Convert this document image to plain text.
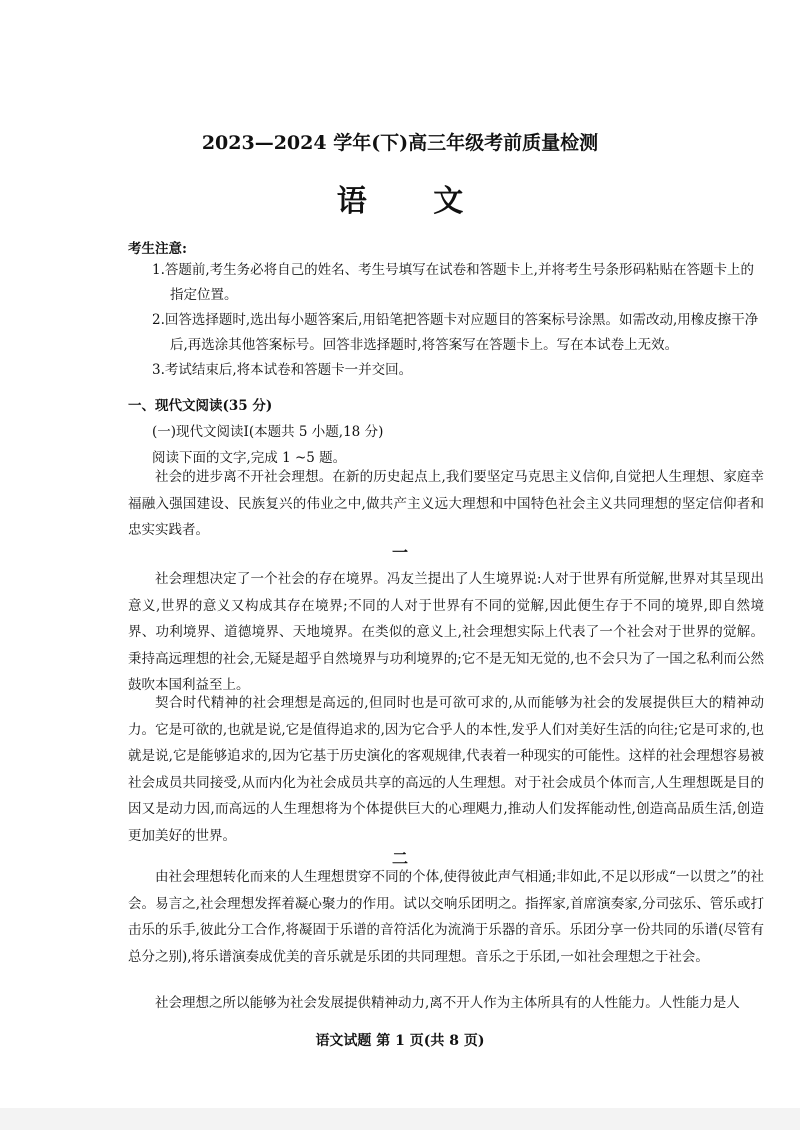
2023—2024 学年(下)高三年级考前质量检测
语 文
考生注意:
1.答题前,考生务必将自己的姓名、考生号填写在试卷和答题卡上,并将考生号条形码粘贴在答题卡上的指定位置。
2.回答选择题时,选出每小题答案后,用铅笔把答题卡对应题目的答案标号涂黑。如需改动,用橡皮擦干净后,再选涂其他答案标号。回答非选择题时,将答案写在答题卡上。写在本试卷上无效。
3.考试结束后,将本试卷和答题卡一并交回。
一、现代文阅读(35 分)
(一)现代文阅读Ⅰ(本题共 5 小题,18 分)
阅读下面的文字,完成 1 ~5 题。

社会的进步离不开社会理想。在新的历史起点上,我们要坚定马克思主义信仰,自觉把人生理想、家庭幸福融入强国建设、民族复兴的伟业之中,做共产主义远大理想和中国特色社会主义共同理想的坚定信仰者和忠实实践者。

一

社会理想决定了一个社会的存在境界。冯友兰提出了人生境界说:人对于世界有所觉解,世界对其呈现出意义,世界的意义又构成其存在境界;不同的人对于世界有不同的觉解,因此便生存于不同的境界,即自然境界、功利境界、道德境界、天地境界。在类似的意义上,社会理想实际上代表了一个社会对于世界的觉解。秉持高远理想的社会,无疑是超乎自然境界与功利境界的;它不是无知无觉的,也不会只为了一国之私利而公然鼓吹本国利益至上。

契合时代精神的社会理想是高远的,但同时也是可欲可求的,从而能够为社会的发展提供巨大的精神动力。它是可欲的,也就是说,它是值得追求的,因为它合乎人的本性,发乎人们对美好生活的向往;它是可求的,也就是说,它是能够追求的,因为它基于历史演化的客观规律,代表着一种现实的可能性。这样的社会理想容易被社会成员共同接受,从而内化为社会成员共享的高远的人生理想。对于社会成员个体而言,人生理想既是目的因又是动力因,而高远的人生理想将为个体提供巨大的心理飓力,推动人们发挥能动性,创造高品质生活,创造更加美好的世界。

二

由社会理想转化而来的人生理想贯穿不同的个体,使得彼此声气相通;非如此,不足以形成“一以贯之”的社会。易言之,社会理想发挥着凝心聚力的作用。试以交响乐团明之。指挥家,首席演奏家,分司弦乐、管乐或打击乐的乐手,彼此分工合作,将凝固于乐谱的音符活化为流淌于乐器的音乐。乐团分享一份共同的乐谱(尽管有总分之别),将乐谱演奏成优美的音乐就是乐团的共同理想。音乐之于乐团,一如社会理想之于社会。

社会理想之所以能够为社会发展提供精神动力,离不开人作为主体所具有的人性能力。人性能力是人

语文试题 第 1 页(共 8 页)
